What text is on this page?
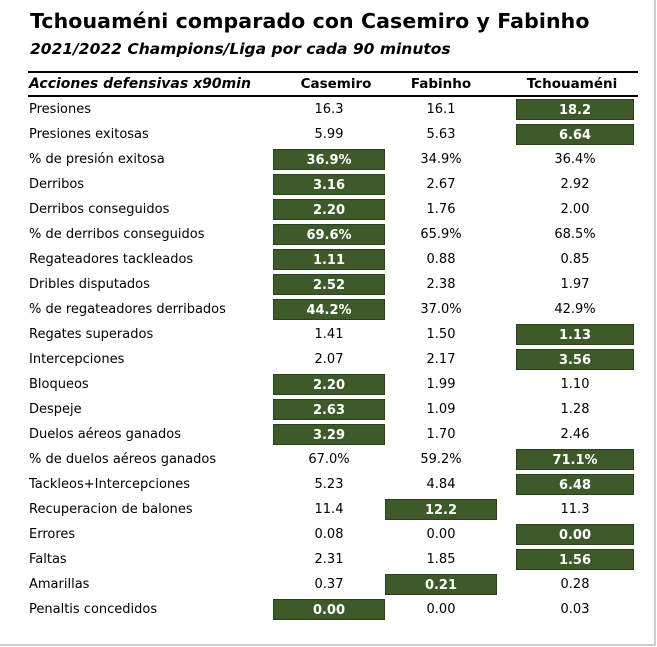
Tchouaméni comparado con Casemiro y Fabinho
2021/2022 Champions/Liga por cada 90 minutos
Acciones defensivas x90min	Casemiro	Fabinho	Tchouaméni
Presiones	16.3	16.1	18.2
Presiones exitosas	5.99	5.63	6.64
% de presión exitosa	36.9%	34.9%	36.4%
Derribos	3.16	2.67	2.92
Derribos conseguidos	2.20	1.76	2.00
% de derribos conseguidos	69.6%	65.9%	68.5%
Regateadores tackleados	1.11	0.88	0.85
Dribles disputados	2.52	2.38	1.97
% de regateadores derribados	44.2%	37.0%	42.9%
Regates superados	1.41	1.50	1.13
Intercepciones	2.07	2.17	3.56
Bloqueos	2.20	1.99	1.10
Despeje	2.63	1.09	1.28
Duelos aéreos ganados	3.29	1.70	2.46
% de duelos aéreos ganados	67.0%	59.2%	71.1%
Tackleos+Intercepciones	5.23	4.84	6.48
Recuperacion de balones	11.4	12.2	11.3
Errores	0.08	0.00	0.00
Faltas	2.31	1.85	1.56
Amarillas	0.37	0.21	0.28
Penaltis concedidos	0.00	0.00	0.03
